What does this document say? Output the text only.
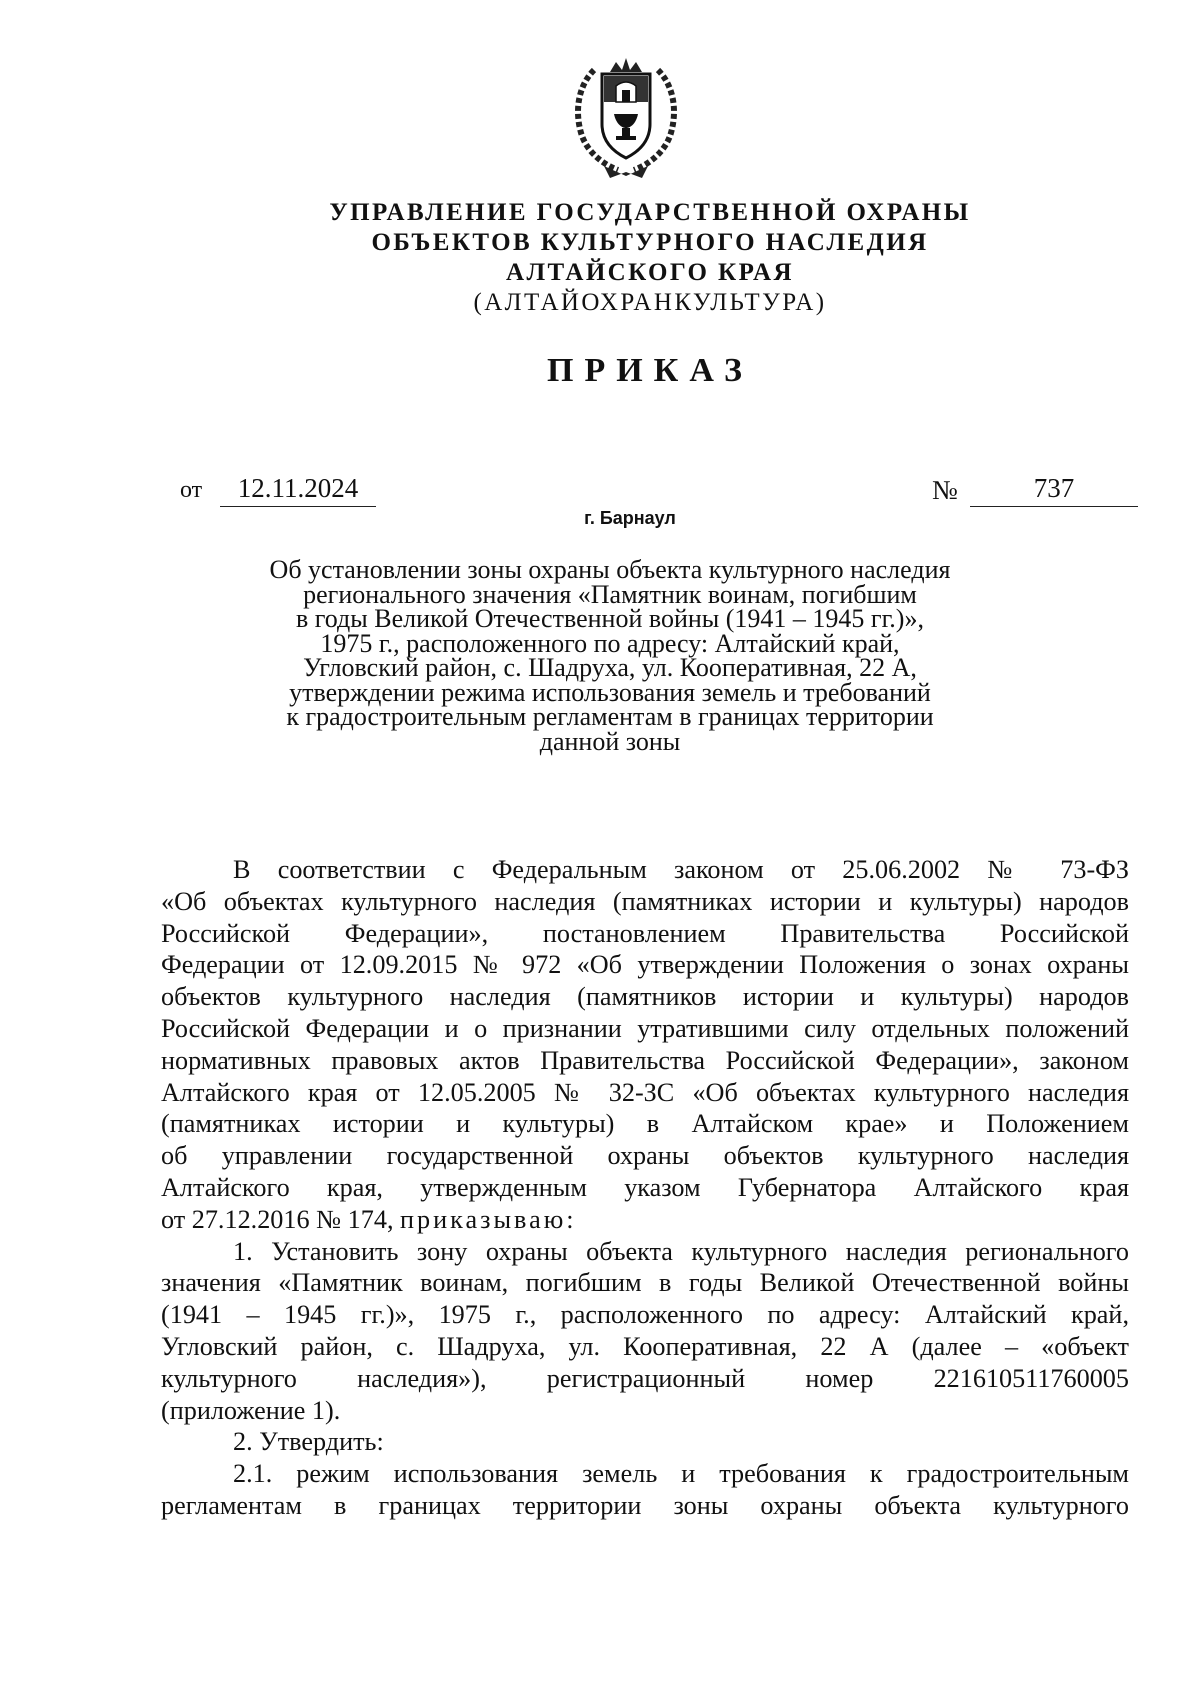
УПРАВЛЕНИЕ ГОСУДАРСТВЕННОЙ ОХРАНЫ
ОБЪЕКТОВ КУЛЬТУРНОГО НАСЛЕДИЯ
АЛТАЙСКОГО КРАЯ
(АЛТАЙОХРАНКУЛЬТУРА)
ПРИКАЗ
от	12.11.2024	№	737
г. Барнаул
Об установлении зоны охраны объекта культурного наследия
регионального значения «Памятник воинам, погибшим
в годы Великой Отечественной войны (1941 – 1945 гг.)»,
1975 г., расположенного по адресу: Алтайский край,
Угловский район, с. Шадруха, ул. Кооперативная, 22 А,
утверждении режима использования земель и требований
к градостроительным регламентам в границах территории
данной зоны
В соответствии с Федеральным законом от 25.06.2002 № 73-ФЗ
«Об объектах культурного наследия (памятниках истории и культуры) народов
Российской Федерации», постановлением Правительства Российской
Федерации от 12.09.2015 № 972 «Об утверждении Положения о зонах охраны
объектов культурного наследия (памятников истории и культуры) народов
Российской Федерации и о признании утратившими силу отдельных положений
нормативных правовых актов Правительства Российской Федерации», законом
Алтайского края от 12.05.2005 № 32-ЗС «Об объектах культурного наследия
(памятниках истории и культуры) в Алтайском крае» и Положением
об управлении государственной охраны объектов культурного наследия
Алтайского края, утвержденным указом Губернатора Алтайского края
от 27.12.2016 № 174, приказываю:
1. Установить зону охраны объекта культурного наследия регионального
значения «Памятник воинам, погибшим в годы Великой Отечественной войны
(1941 – 1945 гг.)», 1975 г., расположенного по адресу: Алтайский край,
Угловский район, с. Шадруха, ул. Кооперативная, 22 А (далее – «объект
культурного наследия»), регистрационный номер 221610511760005
(приложение 1).
2. Утвердить:
2.1. режим использования земель и требования к градостроительным
регламентам в границах территории зоны охраны объекта культурного
